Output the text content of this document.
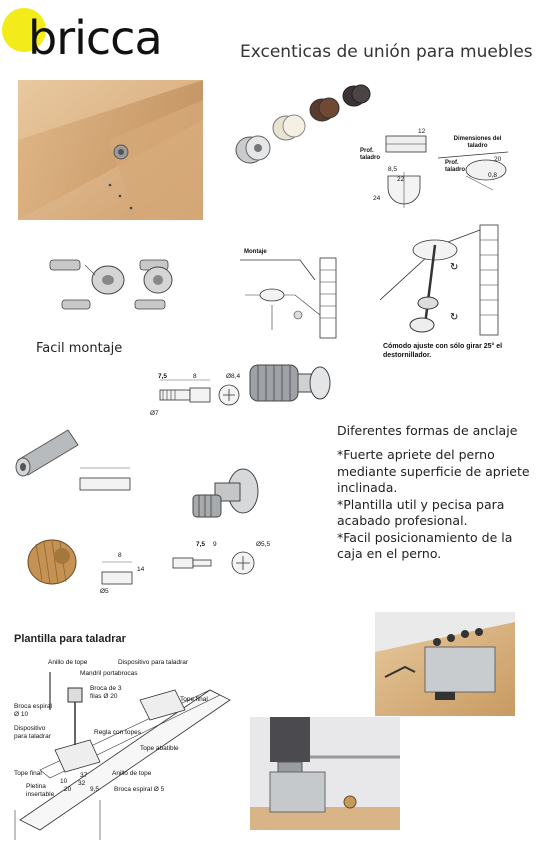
bricca	Excenticas de unión para muebles
Prof. taladro
Dimensiones del taladro
Prof. taladro
12
20
24
8,5
22
0,8
Facil montaje
Montaje
↻
↻
Cómodo ajuste con sólo girar 25° el destornillador.
7,5	8	Ø8,4
Ø7
Diferentes formas de anclaje
*Fuerte apriete del perno mediante superficie de apriete inclinada.
*Plantilla util y pecisa para acabado profesional.
*Facil posicionamiento de la caja en el perno.
8
14
Ø5
7,5 9	Ø5,5
Plantilla para taladrar
Anillo de tope	Dispositivo para taladrar
Mandril portabrocas
Broca de 3 filas Ø 20
Broca espiral Ø 10
Tope final
Dispositivo para taladrar
Regla con topes
Tope abatible
Tope final	Anillo de tope
Pletina insertable
Broca espiral Ø 5
37
32
10
20	9,5
